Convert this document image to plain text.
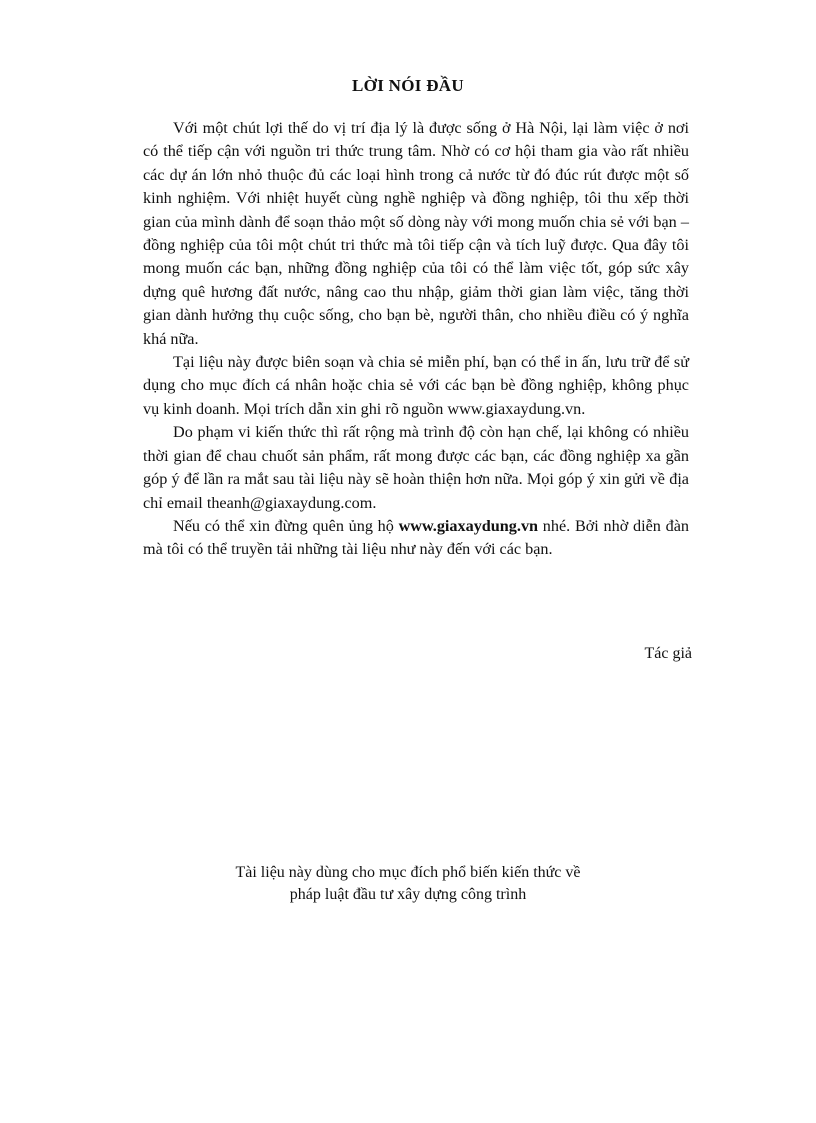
LỜI NÓI ĐẦU

Với một chút lợi thế do vị trí địa lý là được sống ở Hà Nội, lại làm việc ở nơi có thể tiếp cận với nguồn tri thức trung tâm. Nhờ có cơ hội tham gia vào rất nhiều các dự án lớn nhỏ thuộc đủ các loại hình trong cả nước từ đó đúc rút được một số kinh nghiệm. Với nhiệt huyết cùng nghề nghiệp và đồng nghiệp, tôi thu xếp thời gian của mình dành để soạn thảo một số dòng này với mong muốn chia sẻ với bạn – đồng nghiệp của tôi một chút tri thức mà tôi tiếp cận và tích luỹ được. Qua đây tôi mong muốn các bạn, những đồng nghiệp của tôi có thể làm việc tốt, góp sức xây dựng quê hương đất nước, nâng cao thu nhập, giảm thời gian làm việc, tăng thời gian dành hưởng thụ cuộc sống, cho bạn bè, người thân, cho nhiều điều có ý nghĩa khá nữa.

Tại liệu này được biên soạn và chia sẻ miễn phí, bạn có thể in ấn, lưu trữ để sử dụng cho mục đích cá nhân hoặc chia sẻ với các bạn bè đồng nghiệp, không phục vụ kinh doanh. Mọi trích dẫn xin ghi rõ nguồn www.giaxaydung.vn.

Do phạm vi kiến thức thì rất rộng mà trình độ còn hạn chế, lại không có nhiều thời gian để chau chuốt sản phẩm, rất mong được các bạn, các đồng nghiệp xa gần góp ý để lần ra mắt sau tài liệu này sẽ hoàn thiện hơn nữa. Mọi góp ý xin gửi về địa chỉ email theanh@giaxaydung.com.

Nếu có thể xin đừng quên ủng hộ www.giaxaydung.vn nhé. Bởi nhờ diễn đàn mà tôi có thể truyền tải những tài liệu như này đến với các bạn.

Tác giả
Tài liệu này dùng cho mục đích phổ biến kiến thức về
pháp luật đầu tư xây dựng công trình
